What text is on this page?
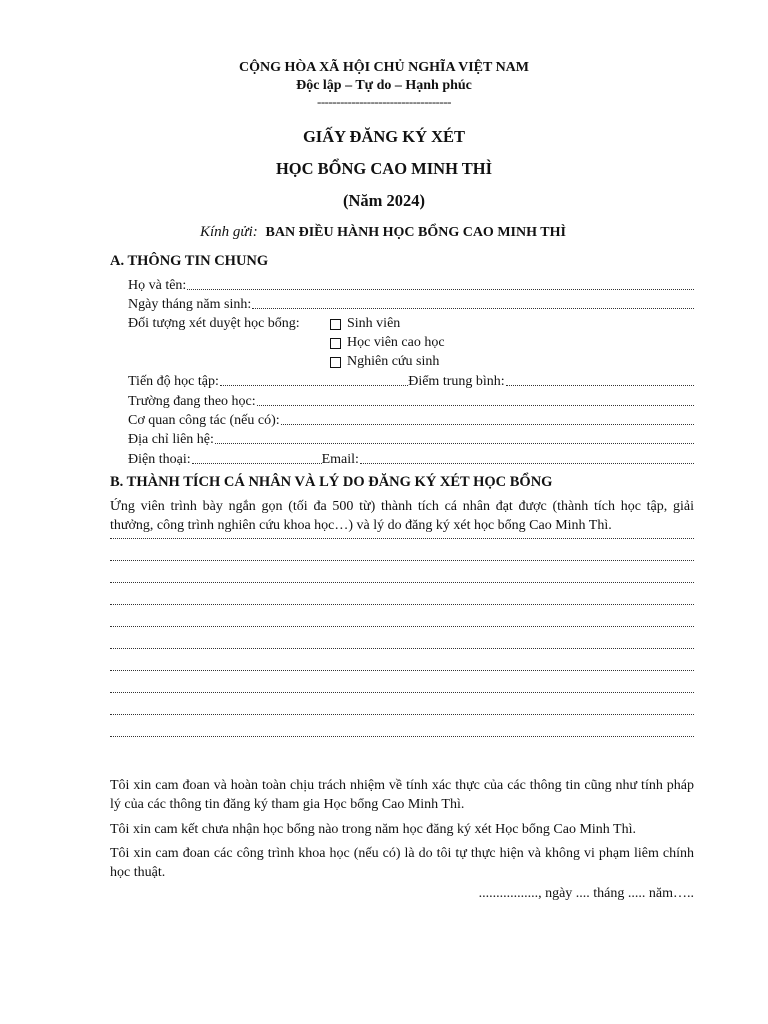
CỘNG HÒA XÃ HỘI CHỦ NGHĨA VIỆT NAM
Độc lập – Tự do – Hạnh phúc
-----------------------------------
GIẤY ĐĂNG KÝ XÉT
HỌC BỔNG CAO MINH THÌ
(Năm 2024)
Kính gửi: BAN ĐIỀU HÀNH HỌC BỔNG CAO MINH THÌ
A. THÔNG TIN CHUNG
Họ và tên:
Ngày tháng năm sinh:
Đối tượng xét duyệt học bổng:	Sinh viên
Học viên cao học
Nghiên cứu sinh
Tiến độ học tập:	Điểm trung bình:
Trường đang theo học:
Cơ quan công tác (nếu có):
Địa chỉ liên hệ:
Điện thoại:	Email:
B. THÀNH TÍCH CÁ NHÂN VÀ LÝ DO ĐĂNG KÝ XÉT HỌC BỔNG
Ứng viên trình bày ngắn gọn (tối đa 500 từ) thành tích cá nhân đạt được (thành tích học tập, giải thưởng, công trình nghiên cứu khoa học…) và lý do đăng ký xét học bổng Cao Minh Thì.
Tôi xin cam đoan và hoàn toàn chịu trách nhiệm về tính xác thực của các thông tin cũng như tính pháp lý của các thông tin đăng ký tham gia Học bổng Cao Minh Thì.
Tôi xin cam kết chưa nhận học bổng nào trong năm học đăng ký xét Học bổng Cao Minh Thì.
Tôi xin cam đoan các công trình khoa học (nếu có) là do tôi tự thực hiện và không vi phạm liêm chính học thuật.
................., ngày .... tháng ..... năm…..
